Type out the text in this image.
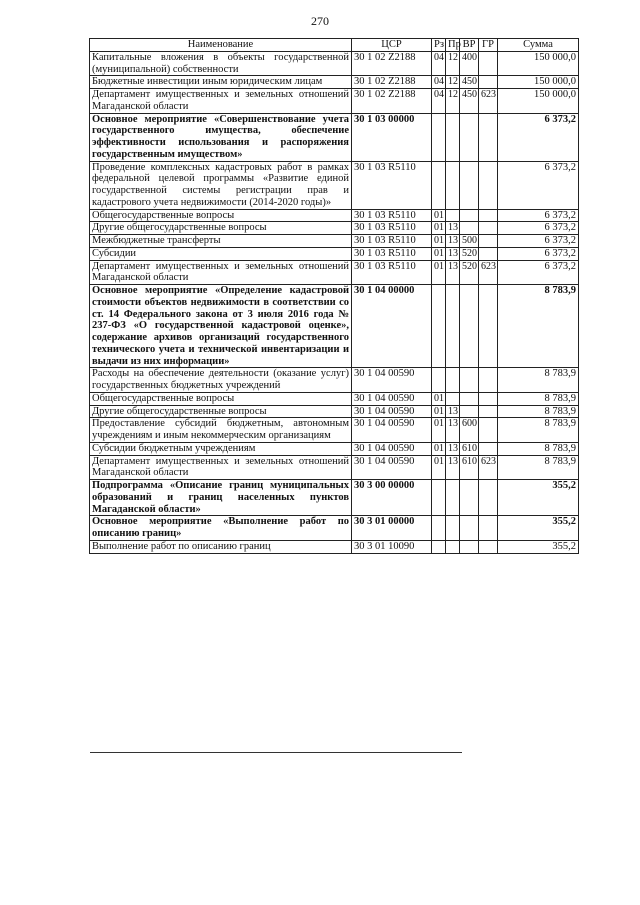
270
Наименование	ЦСР	Рз	Пр	ВР	ГР	Сумма
Капитальные вложения в объекты государственной (муниципальной) собственности	30 1 02 Z2188	04	12	400		150 000,0
Бюджетные инвестиции иным юридическим лицам	30 1 02 Z2188	04	12	450		150 000,0
Департамент имущественных и земельных отношений Магаданской области	30 1 02 Z2188	04	12	450	623	150 000,0
Основное мероприятие «Совершенствование учета государственного имущества, обеспечение эффективности использования и распоряжения государственным имуществом»	30 1 03 00000					6 373,2
Проведение комплексных кадастровых работ в рамках федеральной целевой программы «Развитие единой государственной системы регистрации прав и кадастрового учета недвижимости (2014-2020 годы)»	30 1 03 R5110					6 373,2
Общегосударственные вопросы	30 1 03 R5110	01				6 373,2
Другие общегосударственные вопросы	30 1 03 R5110	01	13			6 373,2
Межбюджетные трансферты	30 1 03 R5110	01	13	500		6 373,2
Субсидии	30 1 03 R5110	01	13	520		6 373,2
Департамент имущественных и земельных отношений Магаданской области	30 1 03 R5110	01	13	520	623	6 373,2
Основное мероприятие «Определение кадастровой стоимости объектов недвижимости в соответствии со ст. 14 Федерального закона от 3 июля 2016 года № 237-ФЗ «О государственной кадастровой оценке», содержание архивов организаций государственного технического учета и технической инвентаризации и выдачи из них информации»	30 1 04 00000					8 783,9
Расходы на обеспечение деятельности (оказание услуг) государственных бюджетных учреждений	30 1 04 00590					8 783,9
Общегосударственные вопросы	30 1 04 00590	01				8 783,9
Другие общегосударственные вопросы	30 1 04 00590	01	13			8 783,9
Предоставление субсидий бюджетным, автономным учреждениям и иным некоммерческим организациям	30 1 04 00590	01	13	600		8 783,9
Субсидии бюджетным учреждениям	30 1 04 00590	01	13	610		8 783,9
Департамент имущественных и земельных отношений Магаданской области	30 1 04 00590	01	13	610	623	8 783,9
Подпрограмма «Описание границ муниципальных образований и границ населенных пунктов Магаданской области»	30 3 00 00000					355,2
Основное мероприятие «Выполнение работ по описанию границ»	30 3 01 00000					355,2
Выполнение работ по описанию границ	30 3 01 10090					355,2
